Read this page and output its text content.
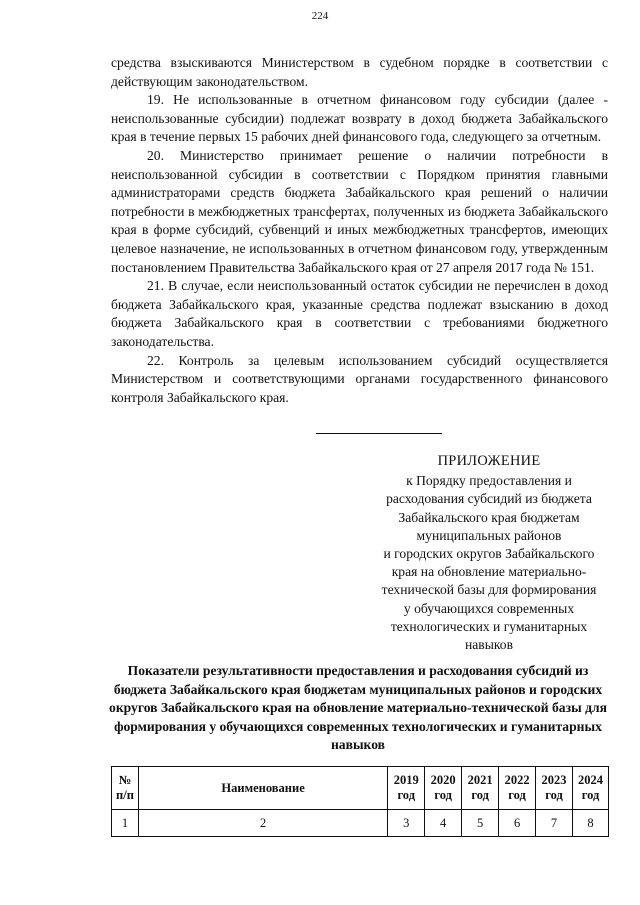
224

средства взыскиваются Министерством в судебном порядке в соответствии с действующим законодательством.

19. Не использованные в отчетном финансовом году субсидии (далее - неиспользованные субсидии) подлежат возврату в доход бюджета Забайкальского края в течение первых 15 рабочих дней финансового года, следующего за отчетным.

20. Министерство принимает решение о наличии потребности в неиспользованной субсидии в соответствии с Порядком принятия главными администраторами средств бюджета Забайкальского края решений о наличии потребности в межбюджетных трансфертах, полученных из бюджета Забайкальского края в форме субсидий, субвенций и иных межбюджетных трансфертов, имеющих целевое назначение, не использованных в отчетном финансовом году, утвержденным постановлением Правительства Забайкальского края от 27 апреля 2017 года № 151.

21. В случае, если неиспользованный остаток субсидии не перечислен в доход бюджета Забайкальского края, указанные средства подлежат взысканию в доход бюджета Забайкальского края в соответствии с требованиями бюджетного законодательства.

22. Контроль за целевым использованием субсидий осуществляется Министерством и соответствующими органами государственного финансового контроля Забайкальского края.

ПРИЛОЖЕНИЕ
к Порядку предоставления и
расходования субсидий из бюджета
Забайкальского края бюджетам
муниципальных районов
и городских округов Забайкальского
края на обновление материально-
технической базы для формирования
у обучающихся современных
технологических и гуманитарных
навыков
Показатели результативности предоставления и расходования субсидий из бюджета Забайкальского края бюджетам муниципальных районов и городских округов Забайкальского края на обновление материально-технической базы для формирования у обучающихся современных технологических и гуманитарных навыков
№ п/п	Наименование	2019 год	2020 год	2021 год	2022 год	2023 год	2024 год
1	2	3	4	5	6	7	8
